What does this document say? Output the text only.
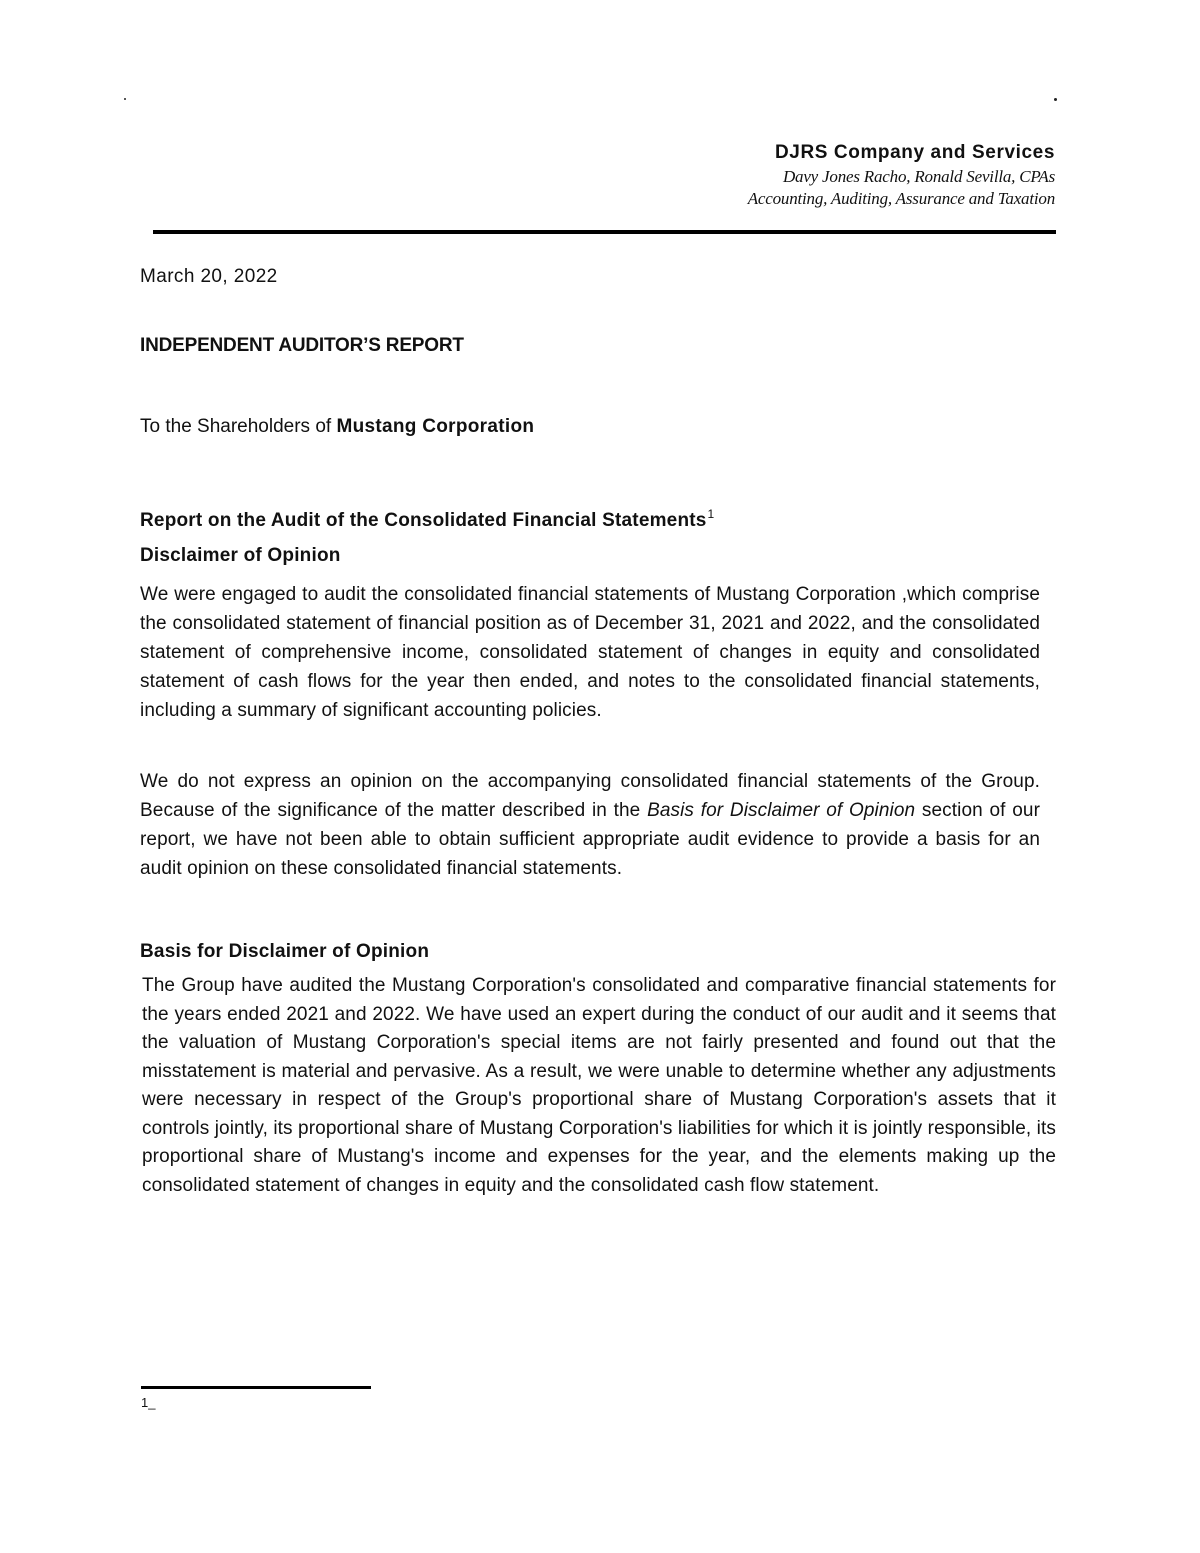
DJRS Company and Services
Davy Jones Racho, Ronald Sevilla, CPAs
Accounting, Auditing, Assurance and Taxation
March 20, 2022
INDEPENDENT AUDITOR’S REPORT
To the Shareholders of Mustang Corporation
Report on the Audit of the Consolidated Financial Statements$^1$
Disclaimer of Opinion
We were engaged to audit the consolidated financial statements of Mustang Corporation ,which comprise the consolidated statement of financial position as of December 31, 2021 and 2022, and the consolidated statement of comprehensive income, consolidated statement of changes in equity and consolidated statement of cash flows for the year then ended, and notes to the consolidated financial statements, including a summary of significant accounting policies.
We do not express an opinion on the accompanying consolidated financial statements of the Group. Because of the significance of the matter described in the Basis for Disclaimer of Opinion section of our report, we have not been able to obtain sufficient appropriate audit evidence to provide a basis for an audit opinion on these consolidated financial statements.
Basis for Disclaimer of Opinion
The Group have audited the Mustang Corporation's consolidated and comparative financial statements for the years ended 2021 and 2022. We have used an expert during the conduct of our audit and it seems that the valuation of Mustang Corporation's special items are not fairly presented and found out that the misstatement is material and pervasive. As a result, we were unable to determine whether any adjustments were necessary in respect of the Group's proportional share of Mustang Corporation's assets that it controls jointly, its proportional share of Mustang Corporation's liabilities for which it is jointly responsible, its proportional share of Mustang's income and expenses for the year, and the elements making up the consolidated statement of changes in equity and the consolidated cash flow statement.
1_
